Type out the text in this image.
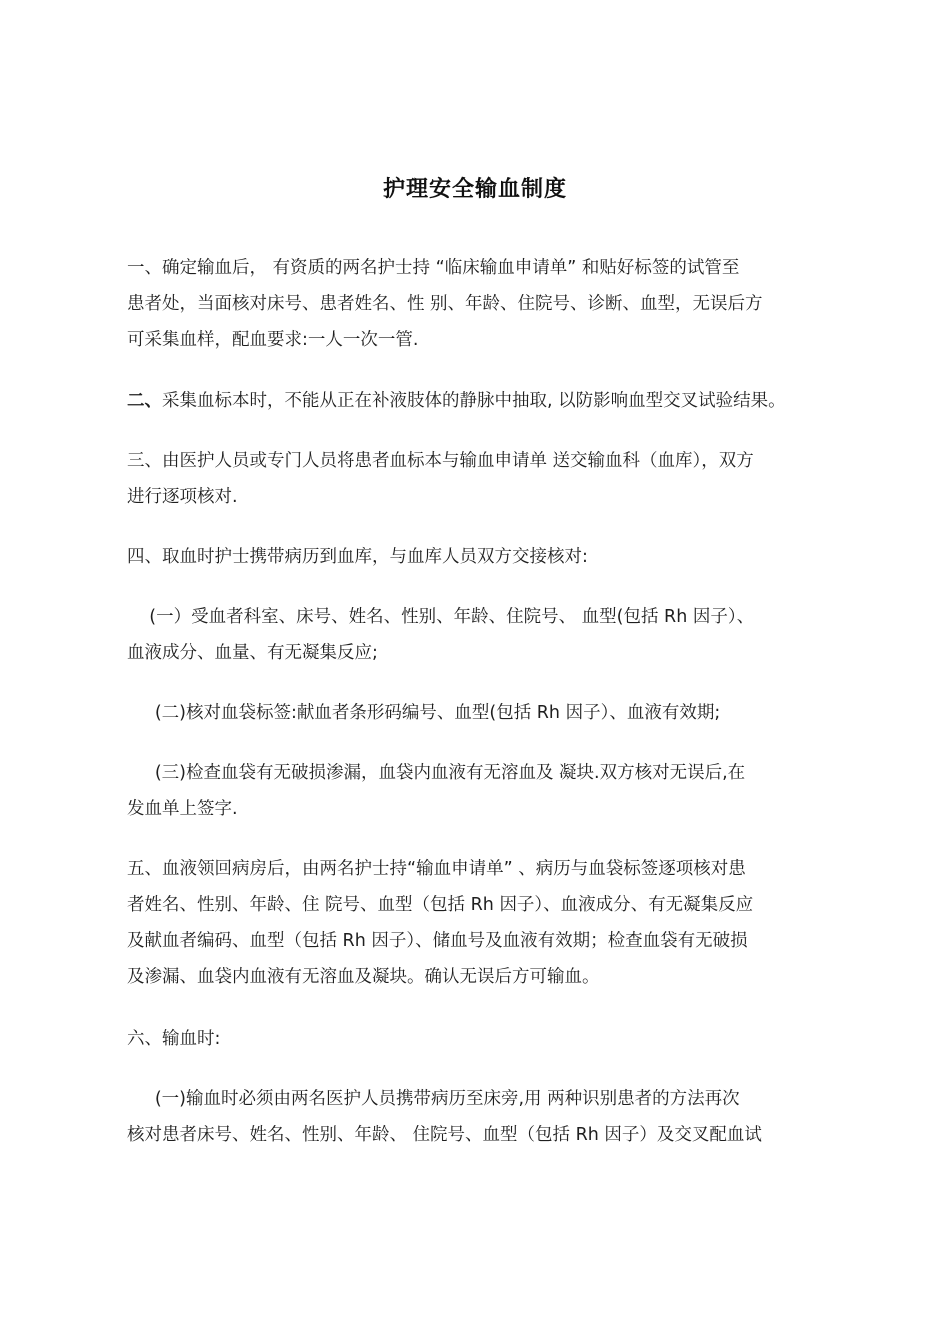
护理安全输血制度
一、确定输血后， 有资质的两名护士持 “临床输血申请单” 和贴好标签的试管至
患者处，当面核对床号、患者姓名、性 别、年龄、住院号、诊断、血型，无误后方
可采集血样，配血要求:一人一次一管.
二、采集血标本时，不能从正在补液肢体的静脉中抽取, 以防影响血型交叉试验结果。
三、由医护人员或专门人员将患者血标本与输血申请单 送交输血科（血库），双方
进行逐项核对.
四、取血时护士携带病历到血库，与血库人员双方交接核对:
(一）受血者科室、床号、姓名、性别、年龄、住院号、 血型(包括 Rh 因子）、
血液成分、血量、有无凝集反应;
(二)核对血袋标签:献血者条形码编号、血型(包括 Rh 因子）、血液有效期;
(三)检查血袋有无破损渗漏，血袋内血液有无溶血及 凝块.双方核对无误后,在
发血单上签字.
五、血液领回病房后，由两名护士持“输血申请单” 、病历与血袋标签逐项核对患
者姓名、性别、年龄、住 院号、血型（包括 Rh 因子）、血液成分、有无凝集反应
及献血者编码、血型（包括 Rh 因子）、储血号及血液有效期；检查血袋有无破损
及渗漏、血袋内血液有无溶血及凝块。确认无误后方可输血。
六、输血时:
(一)输血时必须由两名医护人员携带病历至床旁,用 两种识别患者的方法再次
核对患者床号、姓名、性别、年龄、 住院号、血型（包括 Rh 因子）及交叉配血试
